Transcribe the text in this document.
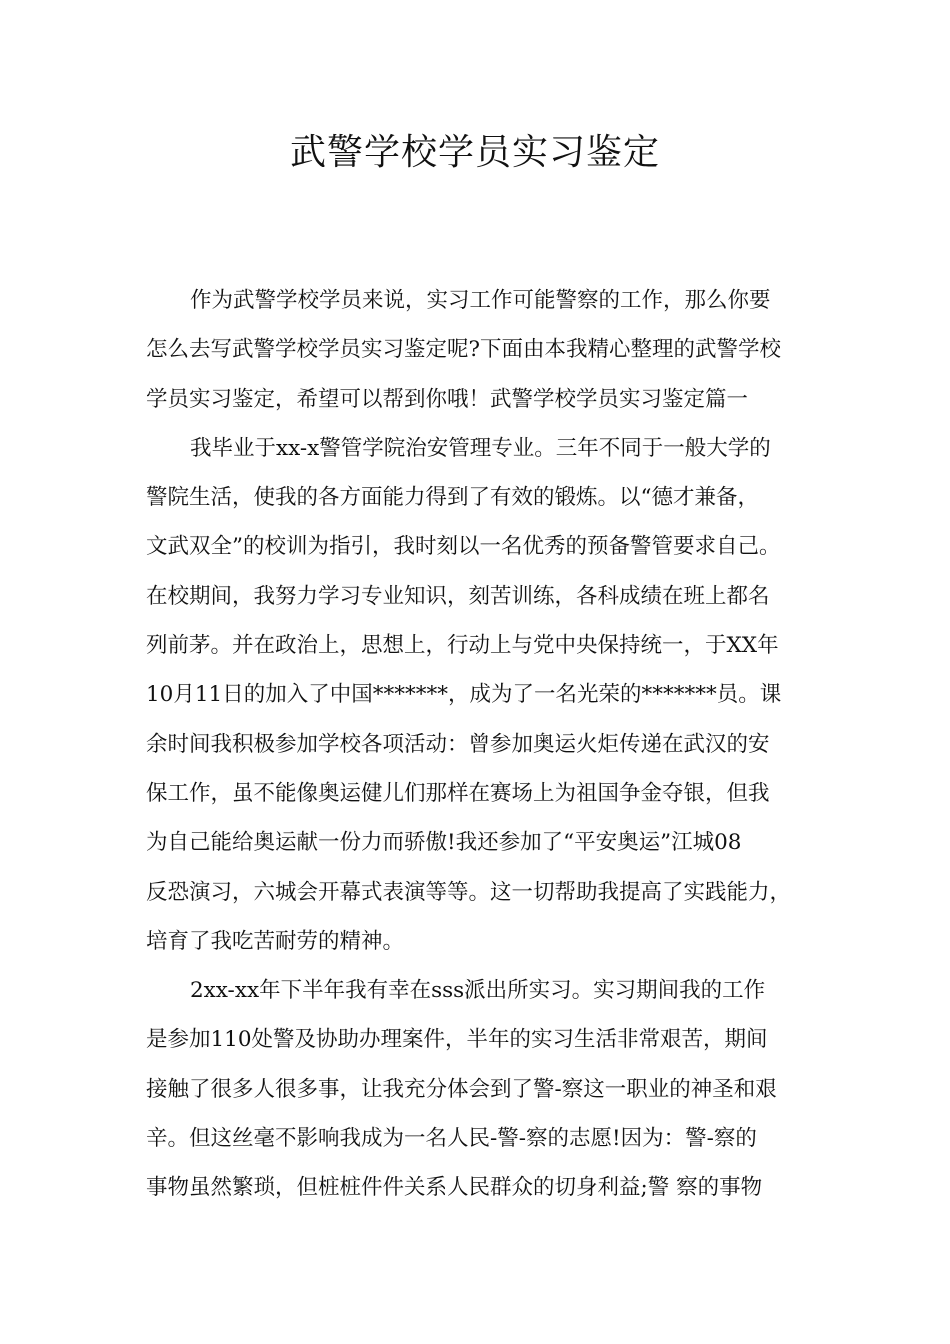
武警学校学员实习鉴定
作为武警学校学员来说，实习工作可能警察的工作，那么你要
怎么去写武警学校学员实习鉴定呢?下面由本我精心整理的武警学校
学员实习鉴定，希望可以帮到你哦！武警学校学员实习鉴定篇一
我毕业于xx-x警管学院治安管理专业。三年不同于一般大学的
警院生活，使我的各方面能力得到了有效的锻炼。以“德才兼备，
文武双全”的校训为指引，我时刻以一名优秀的预备警管要求自己。
在校期间，我努力学习专业知识，刻苦训练，各科成绩在班上都名
列前茅。并在政治上，思想上，行动上与党中央保持统一，于XX年
10月11日的加入了中国*******，成为了一名光荣的*******员。课
余时间我积极参加学校各项活动：曾参加奥运火炬传递在武汉的安
保工作，虽不能像奥运健儿们那样在赛场上为祖国争金夺银，但我
为自己能给奥运献一份力而骄傲!我还参加了“平安奥运”江城08
反恐演习，六城会开幕式表演等等。这一切帮助我提高了实践能力，
培育了我吃苦耐劳的精神。
2xx-xx年下半年我有幸在sss派出所实习。实习期间我的工作
是参加110处警及协助办理案件，半年的实习生活非常艰苦，期间
接触了很多人很多事，让我充分体会到了警-察这一职业的神圣和艰
辛。但这丝毫不影响我成为一名人民-警-察的志愿!因为：警-察的
事物虽然繁琐，但桩桩件件关系人民群众的切身利益;警 察的事物
